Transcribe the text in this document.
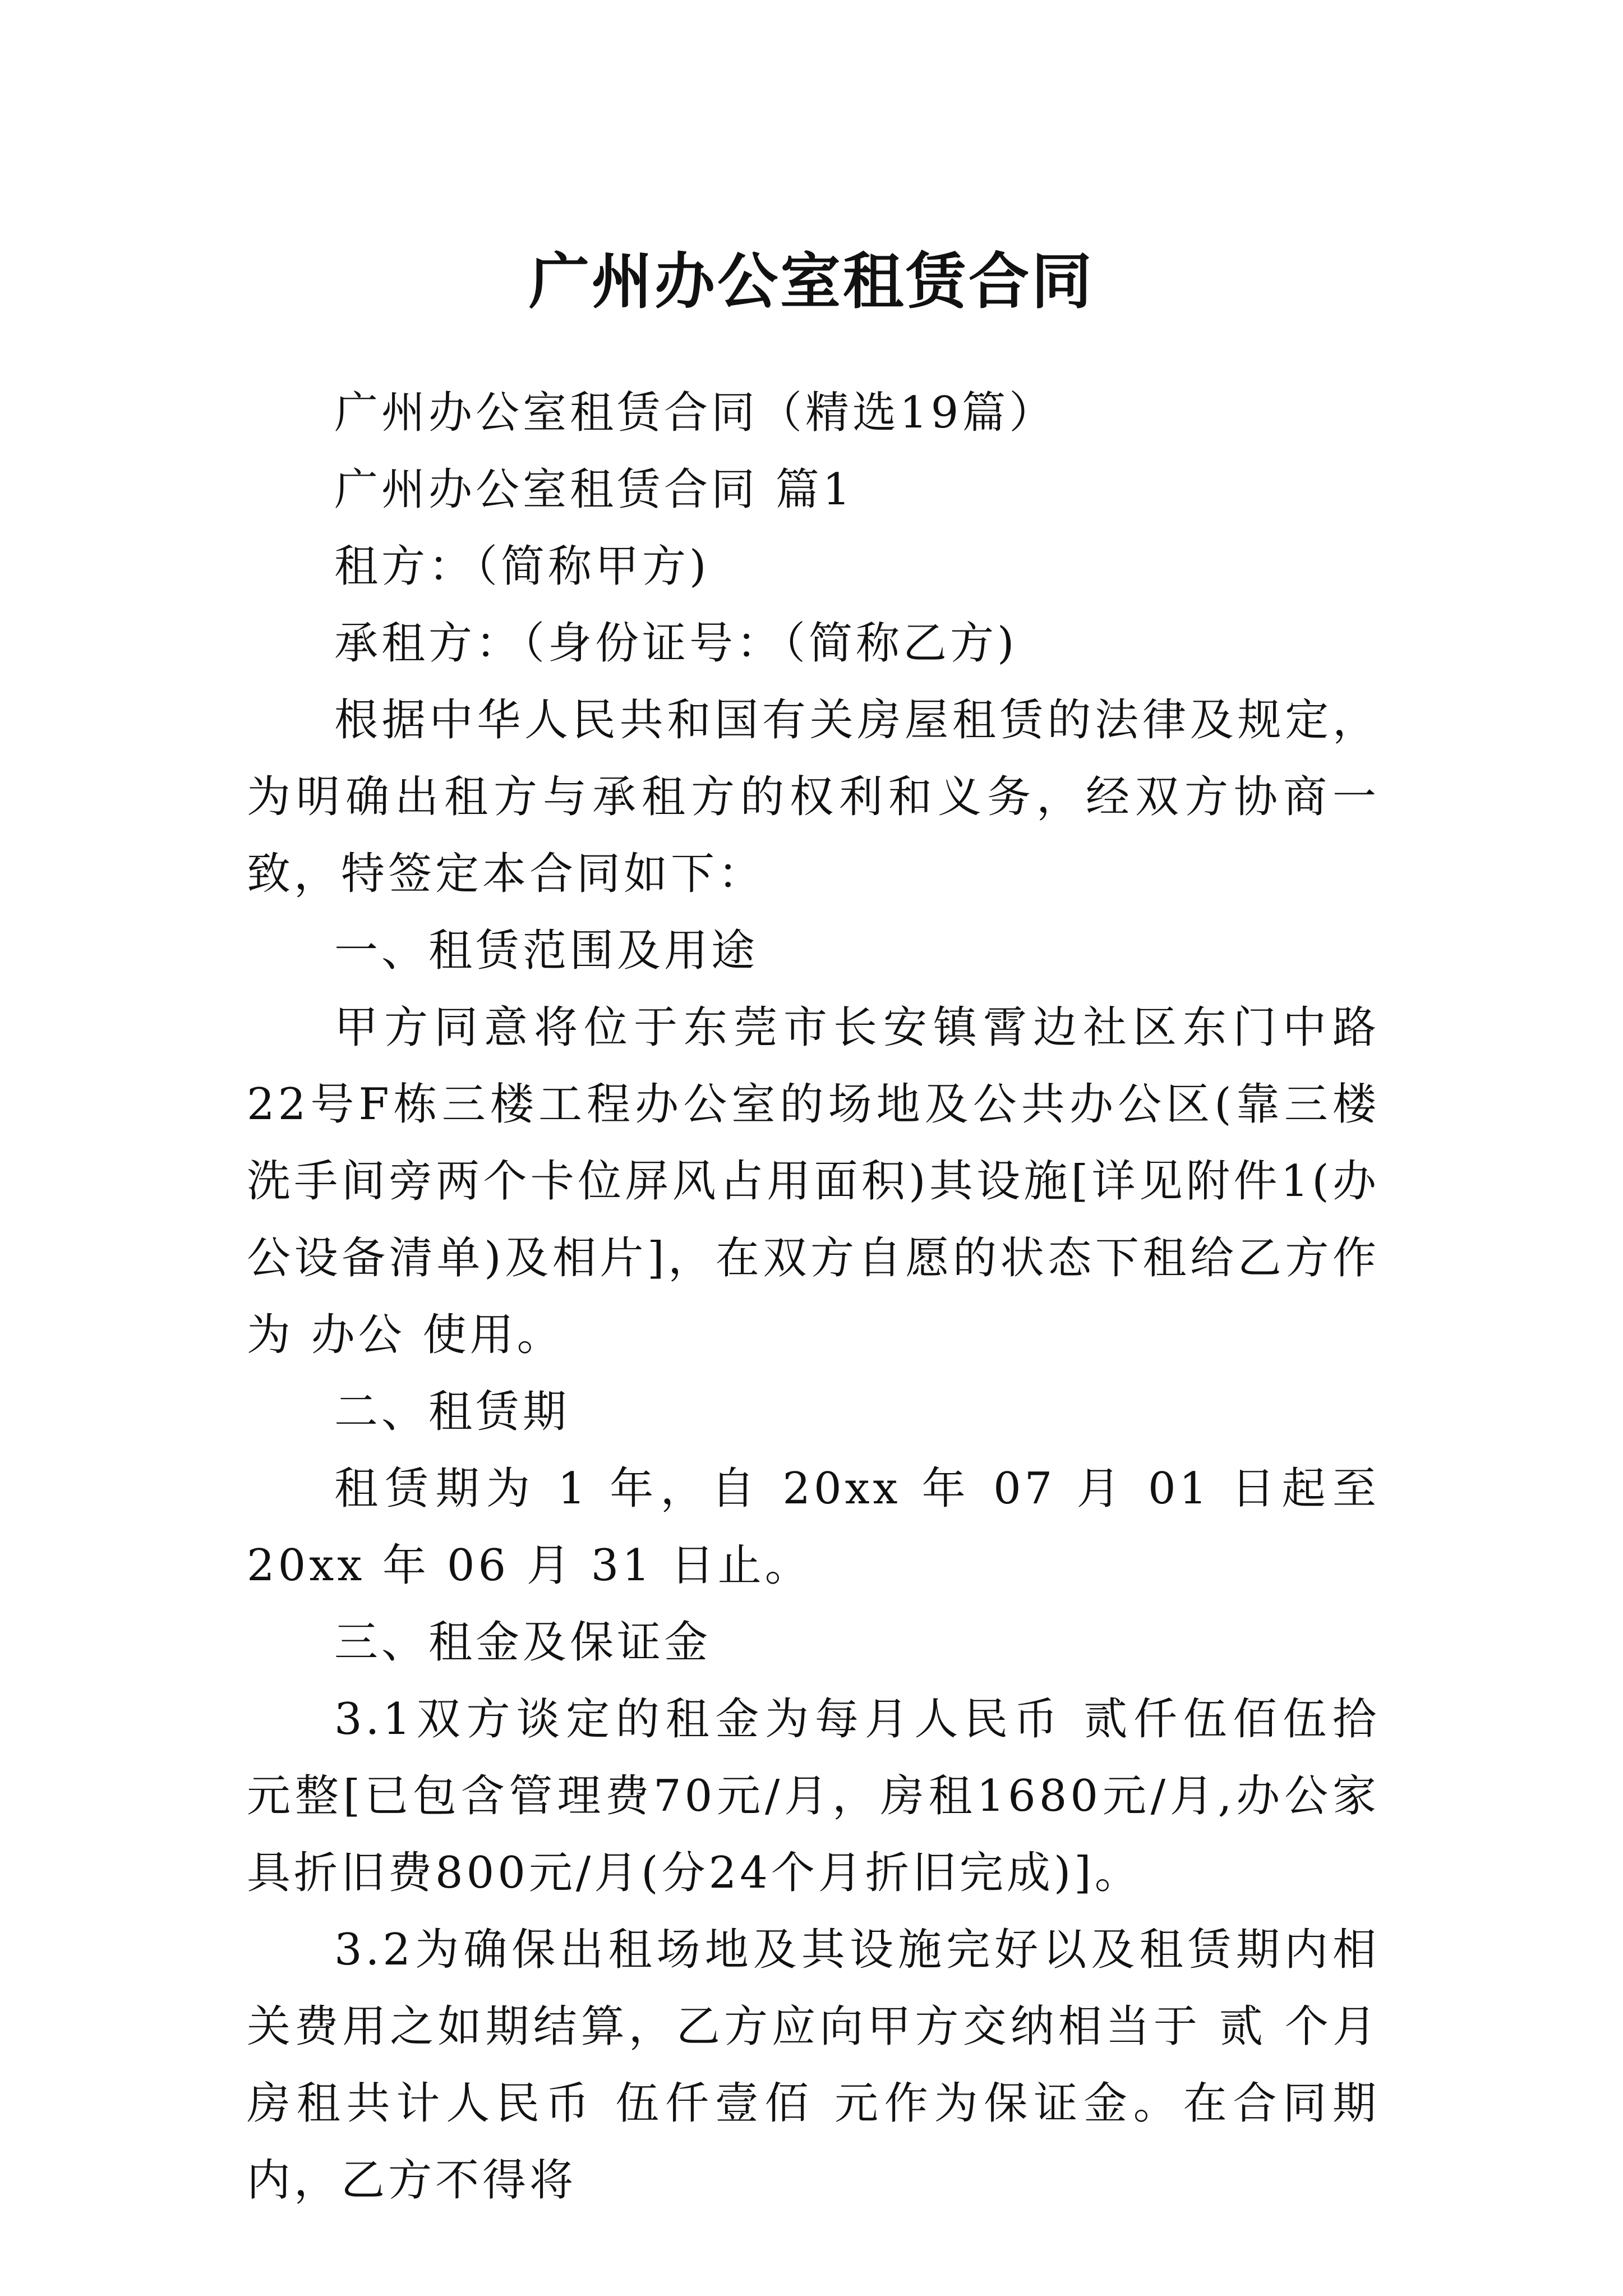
广州办公室租赁合同

广州办公室租赁合同（精选19篇）

广州办公室租赁合同 篇1

租方：（简称甲方)

承租方：（身份证号：（简称乙方)

根据中华人民共和国有关房屋租赁的法律及规定，为明确出租方与承租方的权利和义务，经双方协商一致，特签定本合同如下：

一、租赁范围及用途

甲方同意将位于东莞市长安镇霄边社区东门中路22号F栋三楼工程办公室的场地及公共办公区(靠三楼洗手间旁两个卡位屏风占用面积)其设施[详见附件1(办公设备清单)及相片]，在双方自愿的状态下租给乙方作为 办公 使用。

二、租赁期

租赁期为 1 年，自 20xx 年 07 月 01 日起至 20xx 年 06 月 31 日止。

三、租金及保证金

3.1双方谈定的租金为每月人民币 贰仟伍佰伍拾 元整[已包含管理费70元/月，房租1680元/月,办公家具折旧费800元/月(分24个月折旧完成)]。

3.2为确保出租场地及其设施完好以及租赁期内相关费用之如期结算，乙方应向甲方交纳相当于 贰 个月房租共计人民币 伍仟壹佰 元作为保证金。在合同期内，乙方不得将
